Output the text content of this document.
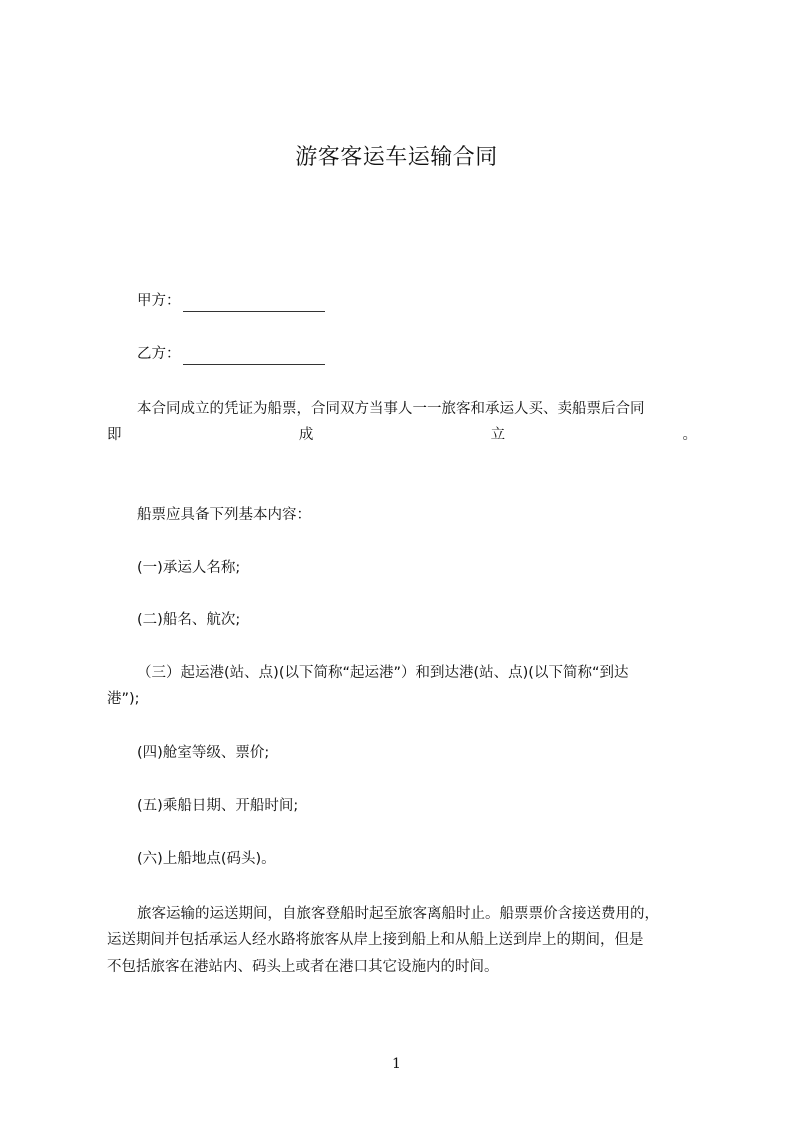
游客客运车运输合同
甲方：
乙方：
本合同成立的凭证为船票，合同双方当事人一一旅客和承运人买、卖船票后合同
即	成	立	。
船票应具备下列基本内容：
(一)承运人名称;
(二)船名、航次;
（三）起运港(站、点)(以下简称“起运港”）和到达港(站、点)(以下简称“到达
港”);
(四)舱室等级、票价;
(五)乘船日期、开船时间;
(六)上船地点(码头)。
旅客运输的运送期间，自旅客登船时起至旅客离船时止。船票票价含接送费用的，
运送期间并包括承运人经水路将旅客从岸上接到船上和从船上送到岸上的期间，但是
不包括旅客在港站内、码头上或者在港口其它设施内的时间。
1
